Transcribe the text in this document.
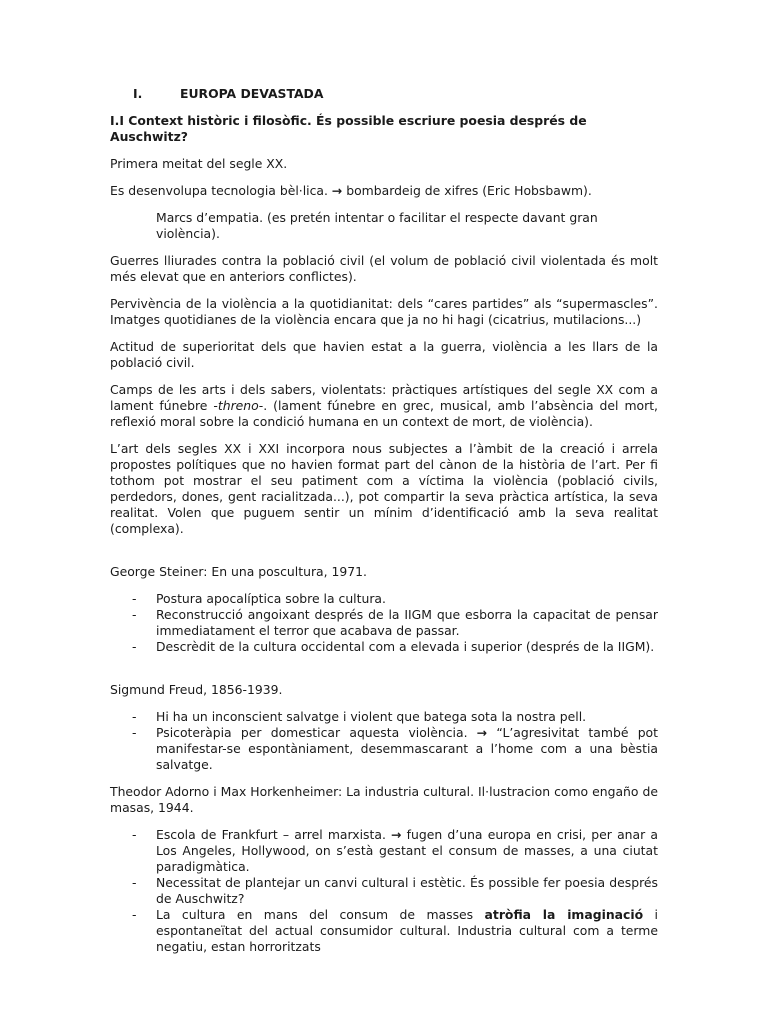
I.	EUROPA DEVASTADA

I.I Context històric i filosòfic. És possible escriure poesia després de Auschwitz?

Primera meitat del segle XX.

Es desenvolupa tecnologia bèl·lica. → bombardeig de xifres (Eric Hobsbawm).

Marcs d’empatia. (es pretén intentar o facilitar el respecte davant gran violència).

Guerres lliurades contra la població civil (el volum de població civil violentada és molt més elevat que en anteriors conflictes).

Pervivència de la violència a la quotidianitat: dels “cares partides” als “supermascles”. Imatges quotidianes de la violència encara que ja no hi hagi (cicatrius, mutilacions...)

Actitud de superioritat dels que havien estat a la guerra, violència a les llars de la població civil.

Camps de les arts i dels sabers, violentats: pràctiques artístiques del segle XX com a lament fúnebre -threno-. (lament fúnebre en grec, musical, amb l’absència del mort, reflexió moral sobre la condició humana en un context de mort, de violència).

L’art dels segles XX i XXI incorpora nous subjectes a l’àmbit de la creació i arrela propostes polítiques que no havien format part del cànon de la història de l’art. Per fi tothom pot mostrar el seu patiment com a víctima la violència (població civils, perdedors, dones, gent racialitzada...), pot compartir la seva pràctica artística, la seva realitat. Volen que puguem sentir un mínim d’identificació amb la seva realitat (complexa).

George Steiner: En una poscultura, 1971.

- Postura apocalíptica sobre la cultura.
- Reconstrucció angoixant després de la IIGM que esborra la capacitat de pensar immediatament el terror que acabava de passar.
- Descrèdit de la cultura occidental com a elevada i superior (després de la IIGM).

Sigmund Freud, 1856-1939.

- Hi ha un inconscient salvatge i violent que batega sota la nostra pell.
- Psicoteràpia per domesticar aquesta violència. → “L’agresivitat també pot manifestar-se espontàniament, desemmascarant a l’home com a una bèstia salvatge.

Theodor Adorno i Max Horkenheimer: La industria cultural. Il·lustracion como engaño de masas, 1944.

- Escola de Frankfurt – arrel marxista. → fugen d’una europa en crisi, per anar a Los Angeles, Hollywood, on s’està gestant el consum de masses, a una ciutat paradigmàtica.
- Necessitat de plantejar un canvi cultural i estètic. És possible fer poesia després de Auschwitz?
- La cultura en mans del consum de masses atròfia la imaginació i espontaneïtat del actual consumidor cultural. Industria cultural com a terme negatiu, estan horroritzats
